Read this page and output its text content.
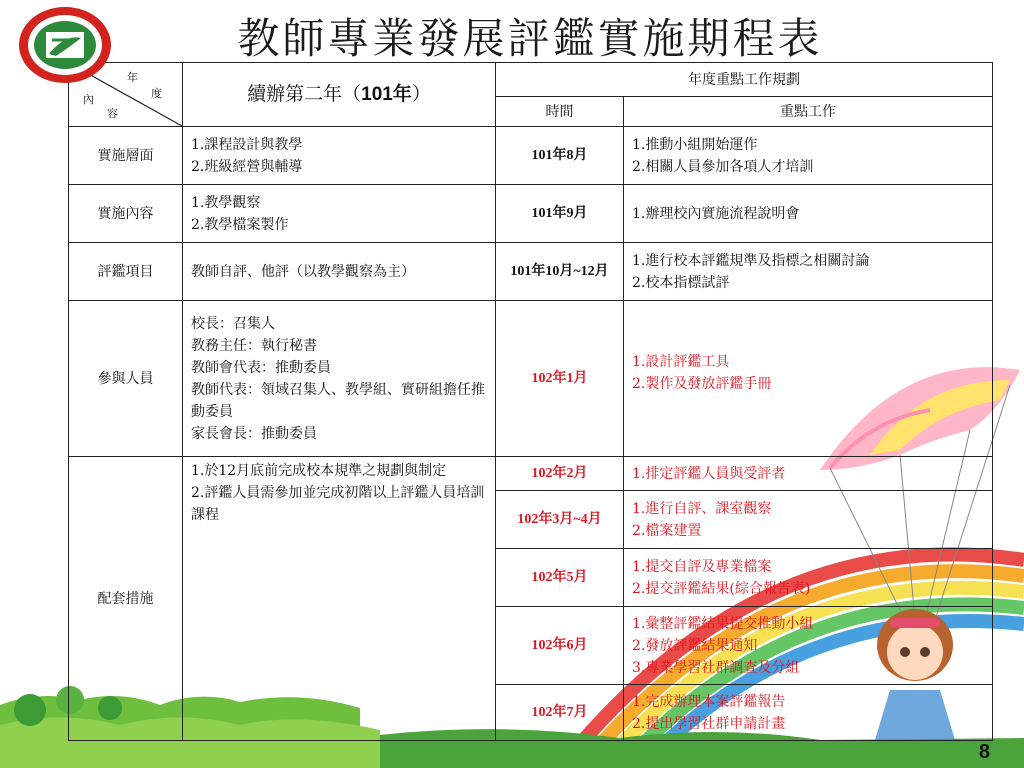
教師專業發展評鑑實施期程表
年
度
內
容	續辦第二年（101年）	年度重點工作規劃	
		時間	重點工作
實施層面	1.課程設計與教學
2.班級經營與輔導	101年8月	1.推動小組開始運作
2.相關人員參加各項人才培訓

實施內容	1.教學觀察
2.教學檔案製作	101年9月	1.辦理校內實施流程說明會

評鑑項目	教師自評、他評（以教學觀察為主）	101年10月~12月	1.進行校本評鑑規準及指標之相關討論
2.校本指標試評

參與人員	校長：召集人
教務主任：執行秘書
教師會代表：推動委員
教師代表：領域召集人、教學組、實研組擔任推動委員
家長會長：推動委員	102年1月	1.設計評鑑工具
2.製作及發放評鑑手冊

配套措施	1.於12月底前完成校本規準之規劃與制定
2.評鑑人員需參加並完成初階以上評鑑人員培訓課程	102年2月	1.排定評鑑人員與受評者
		102年3月~4月	1.進行自評、課室觀察
2.檔案建置

		102年5月	1.提交自評及專業檔案
2.提交評鑑結果(綜合報告表)

		102年6月	1.彙整評鑑結果提交推動小組
2.發放評鑑結果通知
3.專業學習社群調查及分組

		102年7月	1.完成辦理本案評鑑報告
2.提出學習社群申請計畫
8
